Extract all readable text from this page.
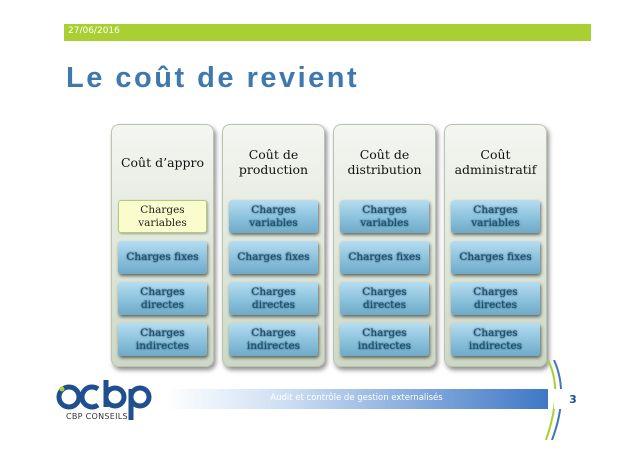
27/06/2016
Le coût de revient
Coût d’appro
Charges variables
Charges fixes
Charges directes
Charges indirectes
Coût de production
Charges variables
Charges fixes
Charges directes
Charges indirectes
Coût de distribution
Charges variables
Charges fixes
Charges directes
Charges indirectes
Coût administratif
Charges variables
Charges fixes
Charges directes
Charges indirectes
CBP CONSEILS
Audit et contrôle de gestion externalisés	3
